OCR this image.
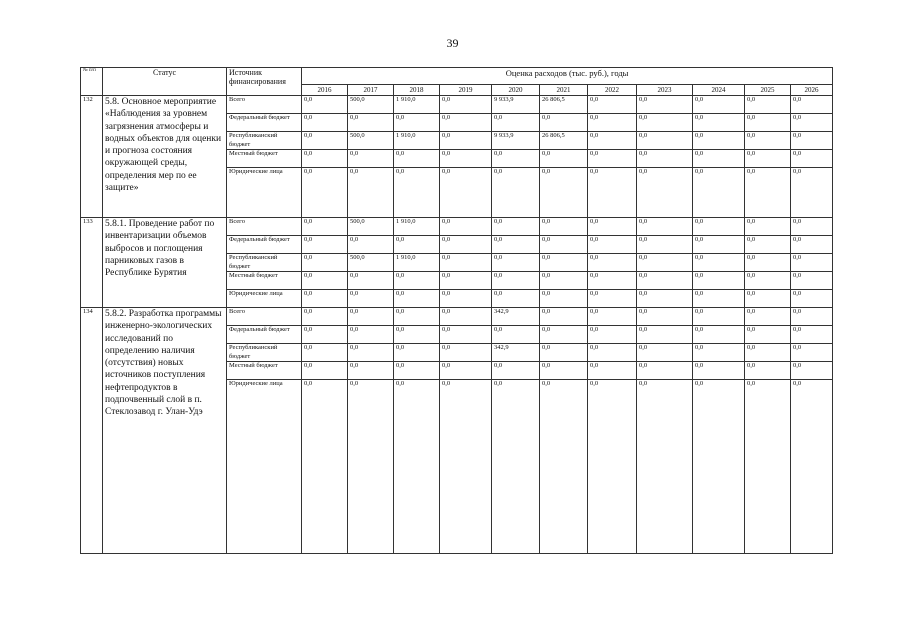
39
№ п/п	Статус	Источник финансирования	Оценка расходов (тыс. руб.), годы										
			2016	2017	2018	2019	2020	2021	2022	2023	2024	2025	2026
132	5.8. Основное мероприятие «Наблюдения за уровнем загрязнения атмосферы и водных объектов для оценки и прогноза состояния окружающей среды, определения мер по ее защите»	Всего	0,0	500,0	1 910,0	0,0	9 933,9	26 806,5	0,0	0,0	0,0	0,0	0,0
		Федеральный бюджет	0,0	0,0	0,0	0,0	0,0	0,0	0,0	0,0	0,0	0,0	0,0
		Республиканский бюджет	0,0	500,0	1 910,0	0,0	9 933,9	26 806,5	0,0	0,0	0,0	0,0	0,0
		Местный бюджет	0,0	0,0	0,0	0,0	0,0	0,0	0,0	0,0	0,0	0,0	0,0
		Юридические лица	0,0	0,0	0,0	0,0	0,0	0,0	0,0	0,0	0,0	0,0	0,0
133	5.8.1. Проведение работ по инвентаризации объемов выбросов и поглощения парниковых газов в Республике Бурятия	Всего	0,0	500,0	1 910,0	0,0	0,0	0,0	0,0	0,0	0,0	0,0	0,0
		Федеральный бюджет	0,0	0,0	0,0	0,0	0,0	0,0	0,0	0,0	0,0	0,0	0,0
		Республиканский бюджет	0,0	500,0	1 910,0	0,0	0,0	0,0	0,0	0,0	0,0	0,0	0,0
		Местный бюджет	0,0	0,0	0,0	0,0	0,0	0,0	0,0	0,0	0,0	0,0	0,0
		Юридические лица	0,0	0,0	0,0	0,0	0,0	0,0	0,0	0,0	0,0	0,0	0,0
134	5.8.2. Разработка программы инженерно-экологических исследований по определению наличия (отсутствия) новых источников поступления нефтепродуктов в подпочвенный слой в п. Стеклозавод г. Улан-Удэ	Всего	0,0	0,0	0,0	0,0	342,9	0,0	0,0	0,0	0,0	0,0	0,0
		Федеральный бюджет	0,0	0,0	0,0	0,0	0,0	0,0	0,0	0,0	0,0	0,0	0,0
		Республиканский бюджет	0,0	0,0	0,0	0,0	342,9	0,0	0,0	0,0	0,0	0,0	0,0
		Местный бюджет	0,0	0,0	0,0	0,0	0,0	0,0	0,0	0,0	0,0	0,0	0,0
		Юридические лица	0,0	0,0	0,0	0,0	0,0	0,0	0,0	0,0	0,0	0,0	0,0
